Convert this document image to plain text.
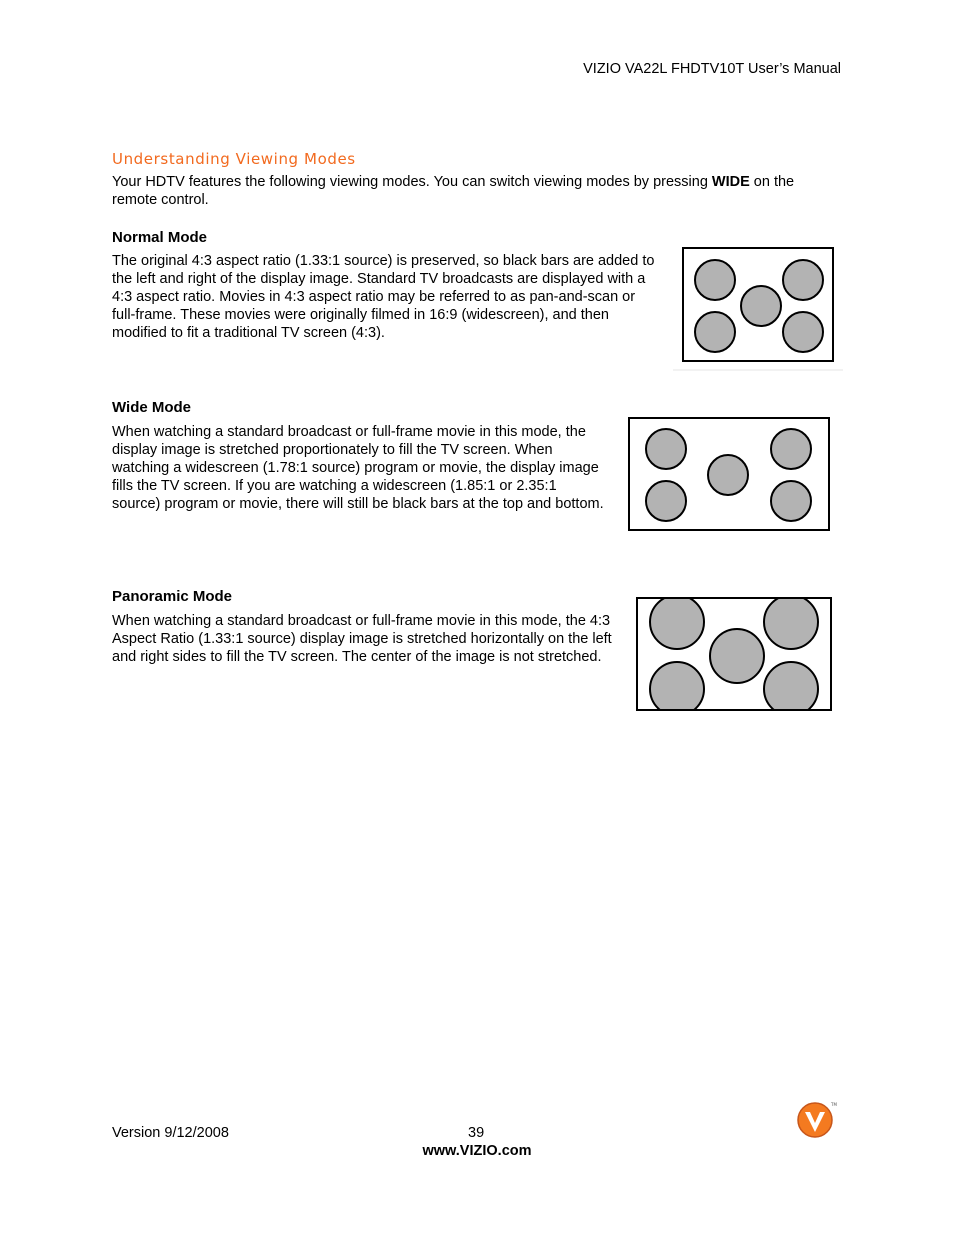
VIZIO VA22L FHDTV10T User’s Manual
Understanding Viewing Modes
Your HDTV features the following viewing modes. You can switch viewing modes by pressing WIDE on the remote control.
Normal Mode
The original 4:3 aspect ratio (1.33:1 source) is preserved, so black bars are added to the left and right of the display image. Standard TV broadcasts are displayed with a 4:3 aspect ratio. Movies in 4:3 aspect ratio may be referred to as pan-and-scan or full-frame. These movies were originally filmed in 16:9 (widescreen), and then modified to fit a traditional TV screen (4:3).
Wide Mode
When watching a standard broadcast or full-frame movie in this mode, the display image is stretched proportionately to fill the TV screen. When watching a widescreen (1.78:1 source) program or movie, the display image fills the TV screen. If you are watching a widescreen (1.85:1 or 2.35:1 source) program or movie, there will still be black bars at the top and bottom.
Panoramic Mode
When watching a standard broadcast or full-frame movie in this mode, the 4:3 Aspect Ratio (1.33:1 source) display image is stretched horizontally on the left and right sides to fill the TV screen. The center of the image is not stretched.
Version 9/12/2008	39
www.VIZIO.com
TM
